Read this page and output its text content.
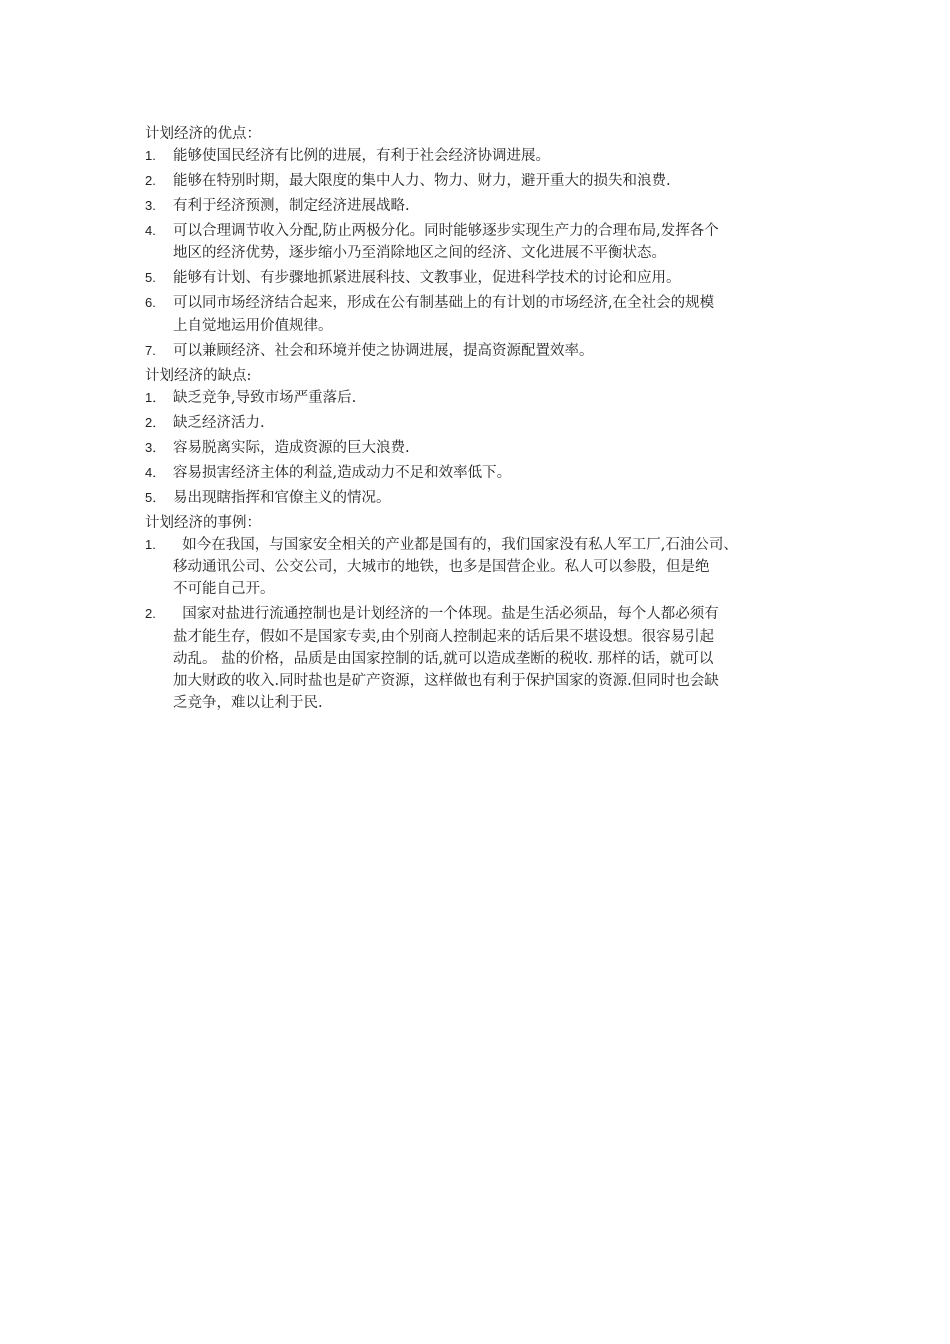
计划经济的优点：

1. 能够使国民经济有比例的进展，有利于社会经济协调进展。
2. 能够在特别时期，最大限度的集中人力、物力、财力，避开重大的损失和浪费.
3. 有利于经济预测，制定经济进展战略.
4. 可以合理调节收入分配,防止两极分化。同时能够逐步实现生产力的合理布局,发挥各个
地区的经济优势，逐步缩小乃至消除地区之间的经济、文化进展不平衡状态。
5. 能够有计划、有步骤地抓紧进展科技、文教事业，促进科学技术的讨论和应用。
6. 可以同市场经济结合起来，形成在公有制基础上的有计划的市场经济,在全社会的规模
上自觉地运用价值规律。
7. 可以兼顾经济、社会和环境并使之协调进展，提高资源配置效率。

计划经济的缺点:

1． 缺乏竞争,导致市场严重落后.
2． 缺乏经济活力.
3． 容易脱离实际，造成资源的巨大浪费.
4． 容易损害经济主体的利益,造成动力不足和效率低下。
5． 易出现瞎指挥和官僚主义的情况。

计划经济的事例：

1. 如今在我国，与国家安全相关的产业都是国有的，我们国家没有私人军工厂,石油公司、
移动通讯公司、公交公司，大城市的地铁，也多是国营企业。私人可以参股，但是绝
不可能自己开。
2. 国家对盐进行流通控制也是计划经济的一个体现。盐是生活必须品，每个人都必须有
盐才能生存，假如不是国家专卖,由个别商人控制起来的话后果不堪设想。很容易引起
动乱。 盐的价格，品质是由国家控制的话,就可以造成垄断的税收. 那样的话，就可以
加大财政的收入.同时盐也是矿产资源，这样做也有利于保护国家的资源.但同时也会缺
乏竞争，难以让利于民.
